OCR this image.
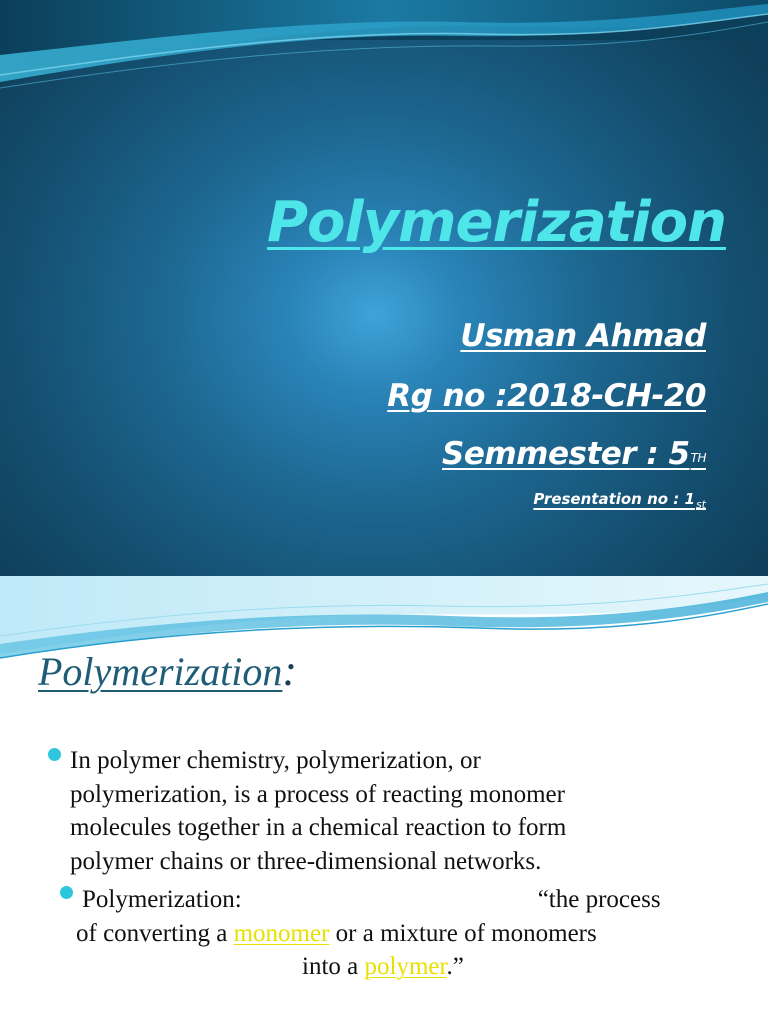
Polymerization

Usman Ahmad

Rg no :2018-CH-20

Semmester : 5TH

Presentation no : $1_{st}$

Polymerization:
In polymer chemistry, polymerization, or
polymerization, is a process of reacting monomer
molecules together in a chemical reaction to form
polymer chains or three-dimensional networks.
Polymerization:	“the process
of converting a monomer or a mixture of monomers
into a polymer.”
